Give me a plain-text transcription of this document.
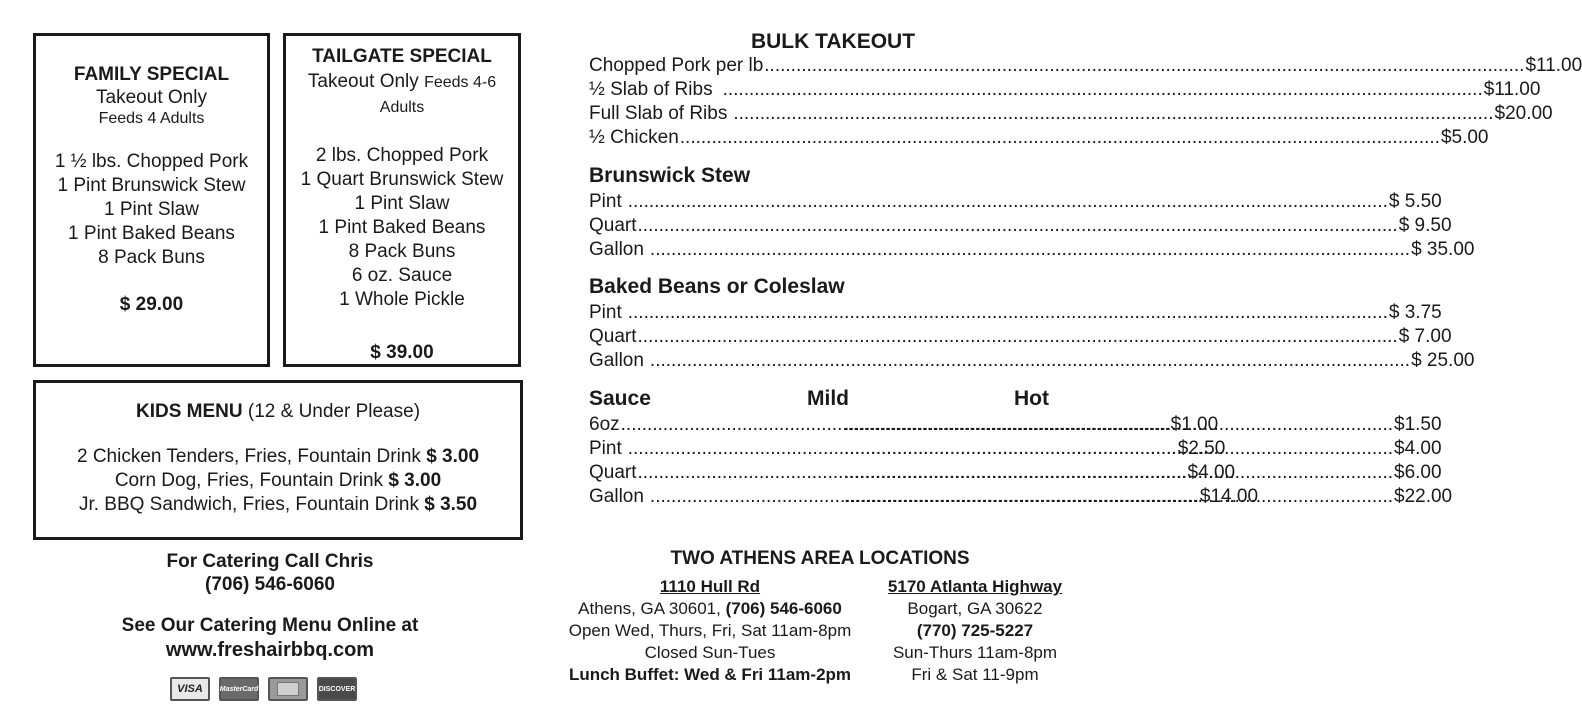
FAMILY SPECIAL
Takeout Only
Feeds 4 Adults
1 ½ lbs. Chopped Pork
1 Pint Brunswick Stew
1 Pint Slaw
1 Pint Baked Beans
8 Pack Buns
$ 29.00
TAILGATE SPECIAL
Takeout Only Feeds 4-6 Adults
2 lbs. Chopped Pork
1 Quart Brunswick Stew
1 Pint Slaw
1 Pint Baked Beans
8 Pack Buns
6 oz. Sauce
1 Whole Pickle
$ 39.00
KIDS MENU (12 & Under Please)
2 Chicken Tenders, Fries, Fountain Drink $ 3.00
Corn Dog, Fries, Fountain Drink $ 3.00
Jr. BBQ Sandwich, Fries, Fountain Drink $ 3.50
BULK TAKEOUT
Chopped Pork per lb .....	$11.00
½ Slab of Ribs .....	$11.00
Full Slab of Ribs .....	$20.00
½ Chicken .....	$5.00
Brunswick Stew
Pint .....	$ 5.50
Quart .....	$ 9.50
Gallon .....	$ 35.00
Baked Beans or Coleslaw
Pint .....	$ 3.75
Quart .....	$ 7.00
Gallon .....	$ 25.00
Sauce	Mild	Hot
6oz .....	$1.00 .....	$1.50
Pint .....	$2.50 .....	$4.00
Quart .....	$4.00 .....	$6.00
Gallon .....	$14.00 .....	$22.00
For Catering Call Chris
(706) 546-6060
See Our Catering Menu Online at
www.freshairbbq.com
VISA	MasterCard	DISCOVER
TWO ATHENS AREA LOCATIONS
1110 Hull Rd
Athens, GA 30601, (706) 546-6060
Open Wed, Thurs, Fri, Sat 11am-8pm
Closed Sun-Tues
Lunch Buffet: Wed & Fri 11am-2pm
5170 Atlanta Highway
Bogart, GA 30622
(770) 725-5227
Sun-Thurs 11am-8pm
Fri & Sat 11-9pm
